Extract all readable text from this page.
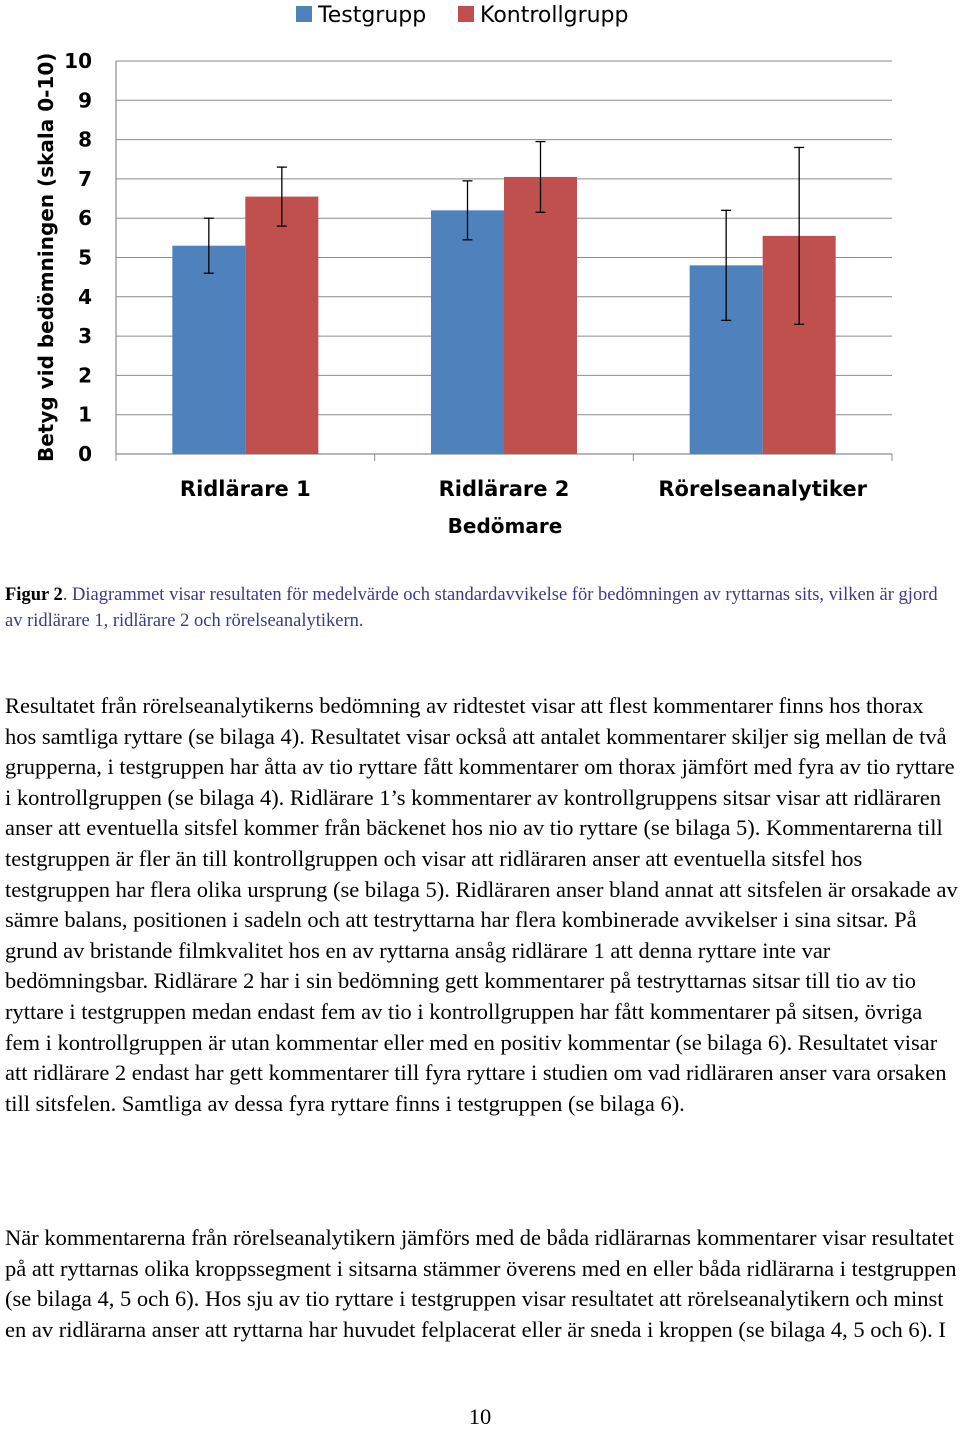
Testgrupp Kontrollgrupp
0
1
2
3
4
5
6
7
8
9
10
Ridlärare 1	Ridlärare 2	Rörelseanalytiker
Bedömare
Betyg vid bedömningen (skala 0-10)
Figur 2. Diagrammet visar resultaten för medelvärde och standardavvikelse för bedömningen av ryttarnas sits, vilken är gjord av ridlärare 1, ridlärare 2 och rörelseanalytikern.

Resultatet från rörelseanalytikerns bedömning av ridtestet visar att flest kommentarer finns hos thorax hos samtliga ryttare (se bilaga 4). Resultatet visar också att antalet kommentarer skiljer sig mellan de två grupperna, i testgruppen har åtta av tio ryttare fått kommentarer om thorax jämfört med fyra av tio ryttare i kontrollgruppen (se bilaga 4). Ridlärare 1’s kommentarer av kontrollgruppens sitsar visar att ridläraren anser att eventuella sitsfel kommer från bäckenet hos nio av tio ryttare (se bilaga 5). Kommentarerna till testgruppen är fler än till kontrollgruppen och visar att ridläraren anser att eventuella sitsfel hos testgruppen har flera olika ursprung (se bilaga 5). Ridläraren anser bland annat att sitsfelen är orsakade av sämre balans, positionen i sadeln och att testryttarna har flera kombinerade avvikelser i sina sitsar. På grund av bristande filmkvalitet hos en av ryttarna ansåg ridlärare 1 att denna ryttare inte var bedömningsbar. Ridlärare 2 har i sin bedömning gett kommentarer på testryttarnas sitsar till tio av tio ryttare i testgruppen medan endast fem av tio i kontrollgruppen har fått kommentarer på sitsen, övriga fem i kontrollgruppen är utan kommentar eller med en positiv kommentar (se bilaga 6). Resultatet visar att ridlärare 2 endast har gett kommentarer till fyra ryttare i studien om vad ridläraren anser vara orsaken till sitsfelen. Samtliga av dessa fyra ryttare finns i testgruppen (se bilaga 6).

När kommentarerna från rörelseanalytikern jämförs med de båda ridlärarnas kommentarer visar resultatet på att ryttarnas olika kroppssegment i sitsarna stämmer överens med en eller båda ridlärarna i testgruppen (se bilaga 4, 5 och 6). Hos sju av tio ryttare i testgruppen visar resultatet att rörelseanalytikern och minst en av ridlärarna anser att ryttarna har huvudet felplacerat eller är sneda i kroppen (se bilaga 4, 5 och 6). I

10
